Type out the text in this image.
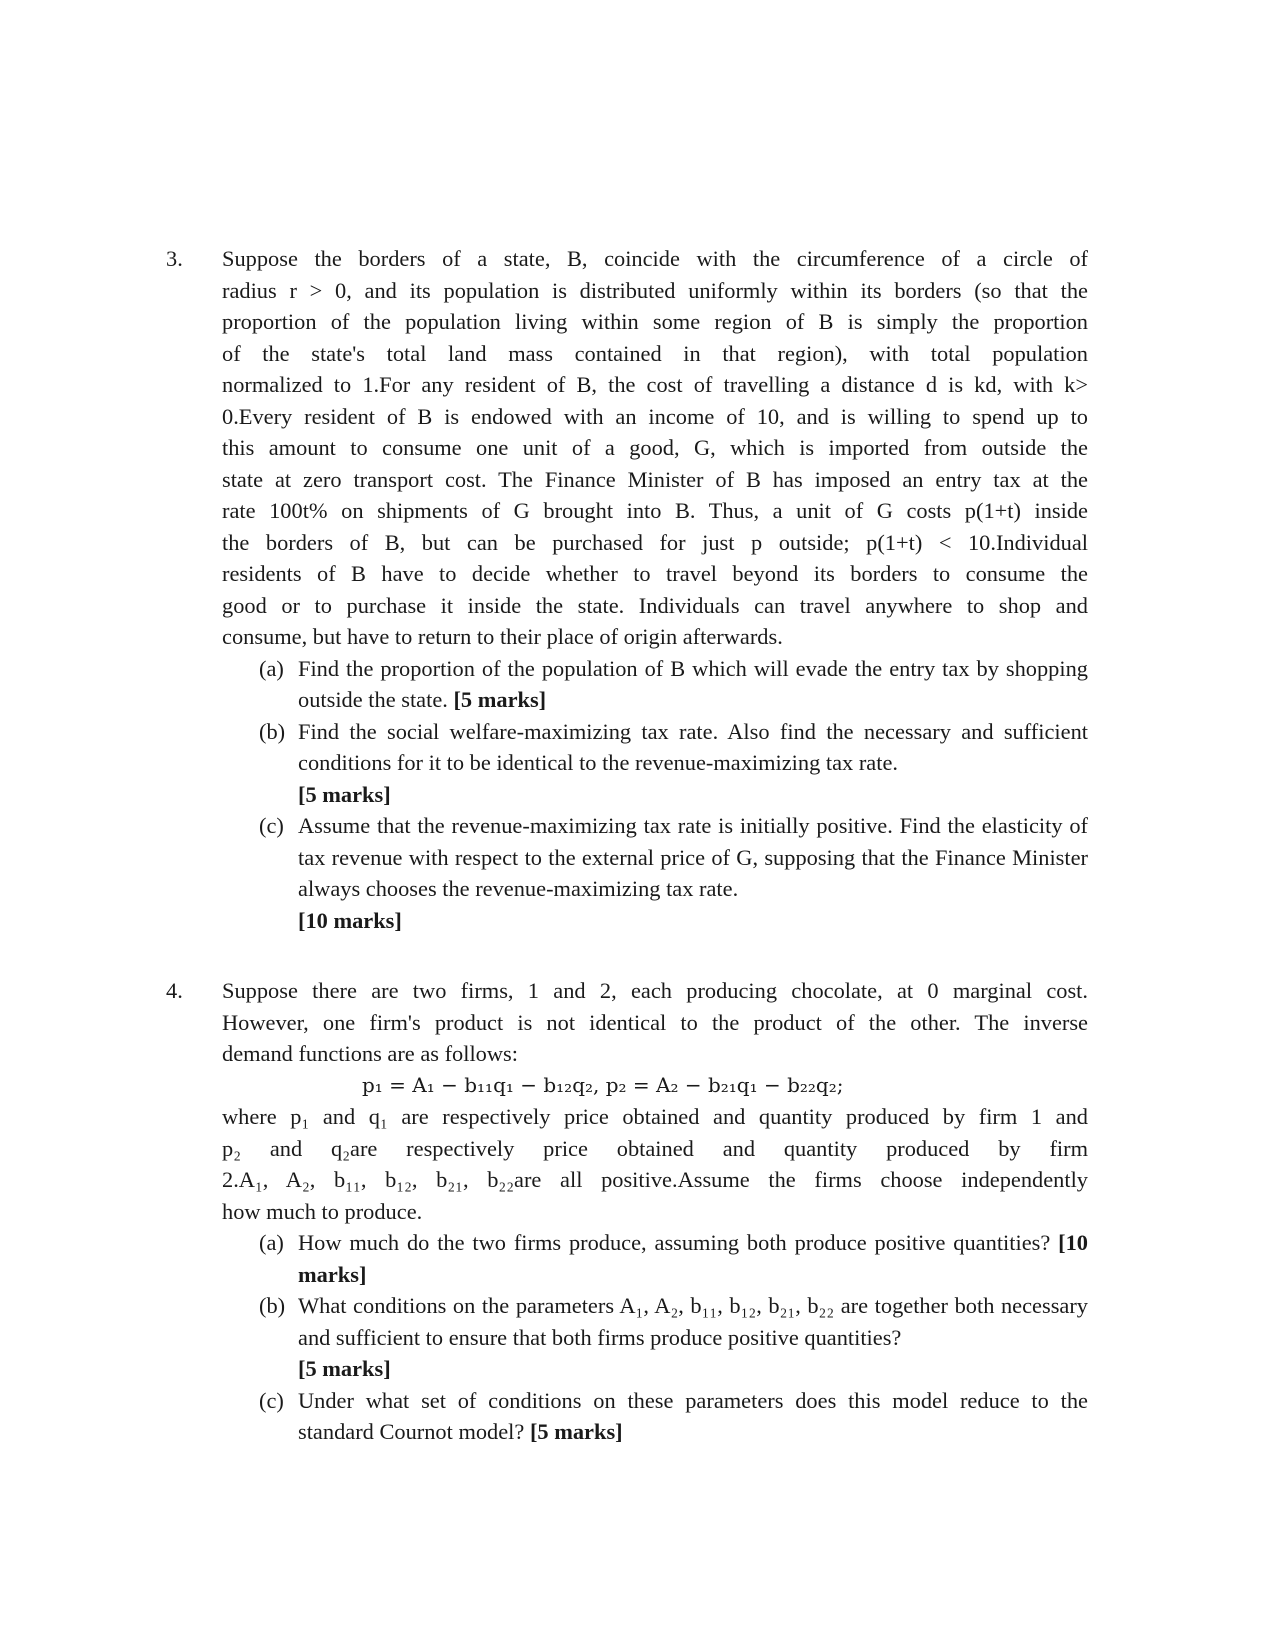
3. Suppose the borders of a state, B, coincide with the circumference of a circle of
radius r > 0, and its population is distributed uniformly within its borders (so that the
proportion of the population living within some region of B is simply the proportion
of the state's total land mass contained in that region), with total population
normalized to 1.For any resident of B, the cost of travelling a distance d is kd, with k>
0.Every resident of B is endowed with an income of 10, and is willing to spend up to
this amount to consume one unit of a good, G, which is imported from outside the
state at zero transport cost. The Finance Minister of B has imposed an entry tax at the
rate 100t% on shipments of G brought into B. Thus, a unit of G costs p(1+t) inside
the borders of B, but can be purchased for just p outside; p(1+t) < 10.Individual
residents of B have to decide whether to travel beyond its borders to consume the
good or to purchase it inside the state. Individuals can travel anywhere to shop and
consume, but have to return to their place of origin afterwards.
(a) Find the proportion of the population of B which will evade the entry tax by shopping outside the state. [5 marks]
(b) Find the social welfare-maximizing tax rate. Also find the necessary and sufficient conditions for it to be identical to the revenue-maximizing tax rate.
[5 marks]
(c) Assume that the revenue-maximizing tax rate is initially positive. Find the elasticity of tax revenue with respect to the external price of G, supposing that the Finance Minister always chooses the revenue-maximizing tax rate.
[10 marks]
4. Suppose there are two firms, 1 and 2, each producing chocolate, at 0 marginal cost.
However, one firm's product is not identical to the product of the other. The inverse
demand functions are as follows:
p₁ = A₁ − b₁₁q₁ − b₁₂q₂, p₂ = A₂ − b₂₁q₁ − b₂₂q₂;
where p₁ and q₁ are respectively price obtained and quantity produced by firm 1 and
p₂ and q₂are respectively price obtained and quantity produced by firm
2.A₁, A₂, b₁₁, b₁₂, b₂₁, b₂₂are all positive.Assume the firms choose independently
how much to produce.
(a) How much do the two firms produce, assuming both produce positive quantities? [10 marks]
(b) What conditions on the parameters A₁, A₂, b₁₁, b₁₂, b₂₁, b₂₂ are together both necessary and sufficient to ensure that both firms produce positive quantities?
[5 marks]
(c) Under what set of conditions on these parameters does this model reduce to the standard Cournot model? [5 marks]
